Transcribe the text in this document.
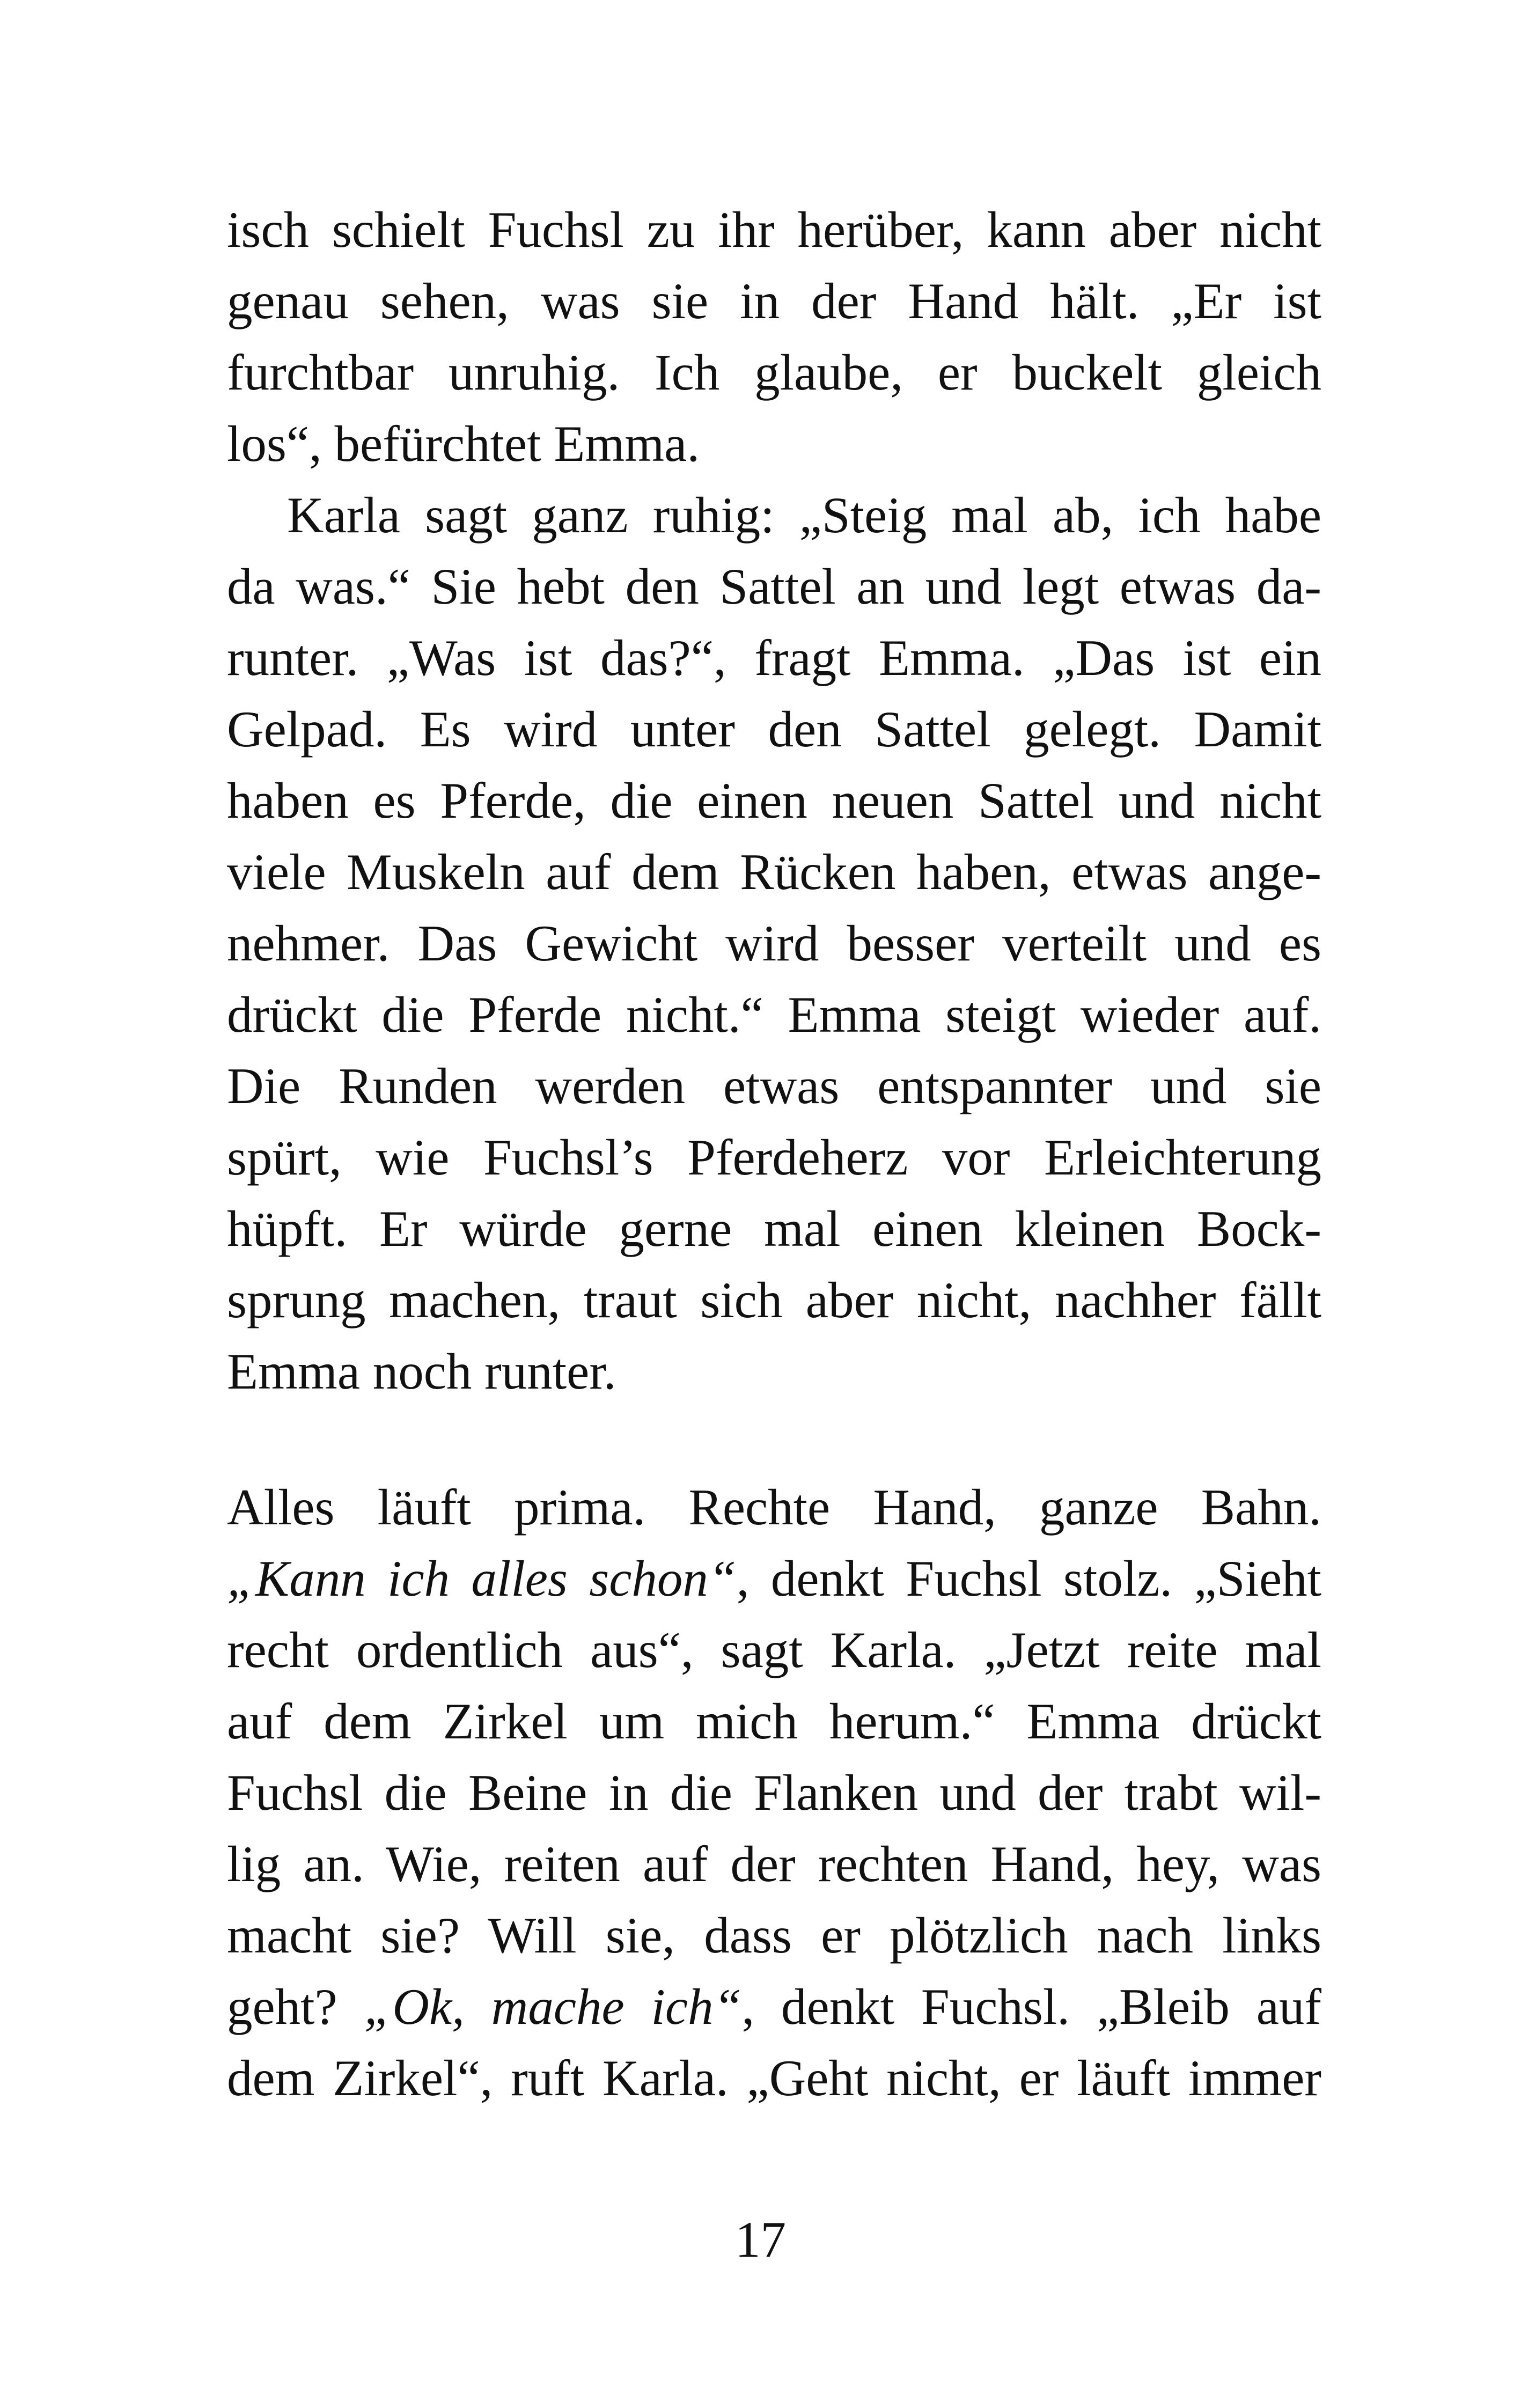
isch schielt Fuchsl zu ihr herüber, kann aber nicht
genau sehen, was sie in der Hand hält. „Er ist
furchtbar unruhig. Ich glaube, er buckelt gleich
los“, befürchtet Emma.
Karla sagt ganz ruhig: „Steig mal ab, ich habe
da was.“ Sie hebt den Sattel an und legt etwas da-
runter. „Was ist das?“, fragt Emma. „Das ist ein
Gelpad. Es wird unter den Sattel gelegt. Damit
haben es Pferde, die einen neuen Sattel und nicht
viele Muskeln auf dem Rücken haben, etwas ange-
nehmer. Das Gewicht wird besser verteilt und es
drückt die Pferde nicht.“ Emma steigt wieder auf.
Die Runden werden etwas entspannter und sie
spürt, wie Fuchsl’s Pferdeherz vor Erleichterung
hüpft. Er würde gerne mal einen kleinen Bock-
sprung machen, traut sich aber nicht, nachher fällt
Emma noch runter.
Alles läuft prima. Rechte Hand, ganze Bahn.
„Kann ich alles schon“, denkt Fuchsl stolz. „Sieht
recht ordentlich aus“, sagt Karla. „Jetzt reite mal
auf dem Zirkel um mich herum.“ Emma drückt
Fuchsl die Beine in die Flanken und der trabt wil-
lig an. Wie, reiten auf der rechten Hand, hey, was
macht sie? Will sie, dass er plötzlich nach links
geht? „Ok, mache ich“, denkt Fuchsl. „Bleib auf
dem Zirkel“, ruft Karla. „Geht nicht, er läuft immer
17
